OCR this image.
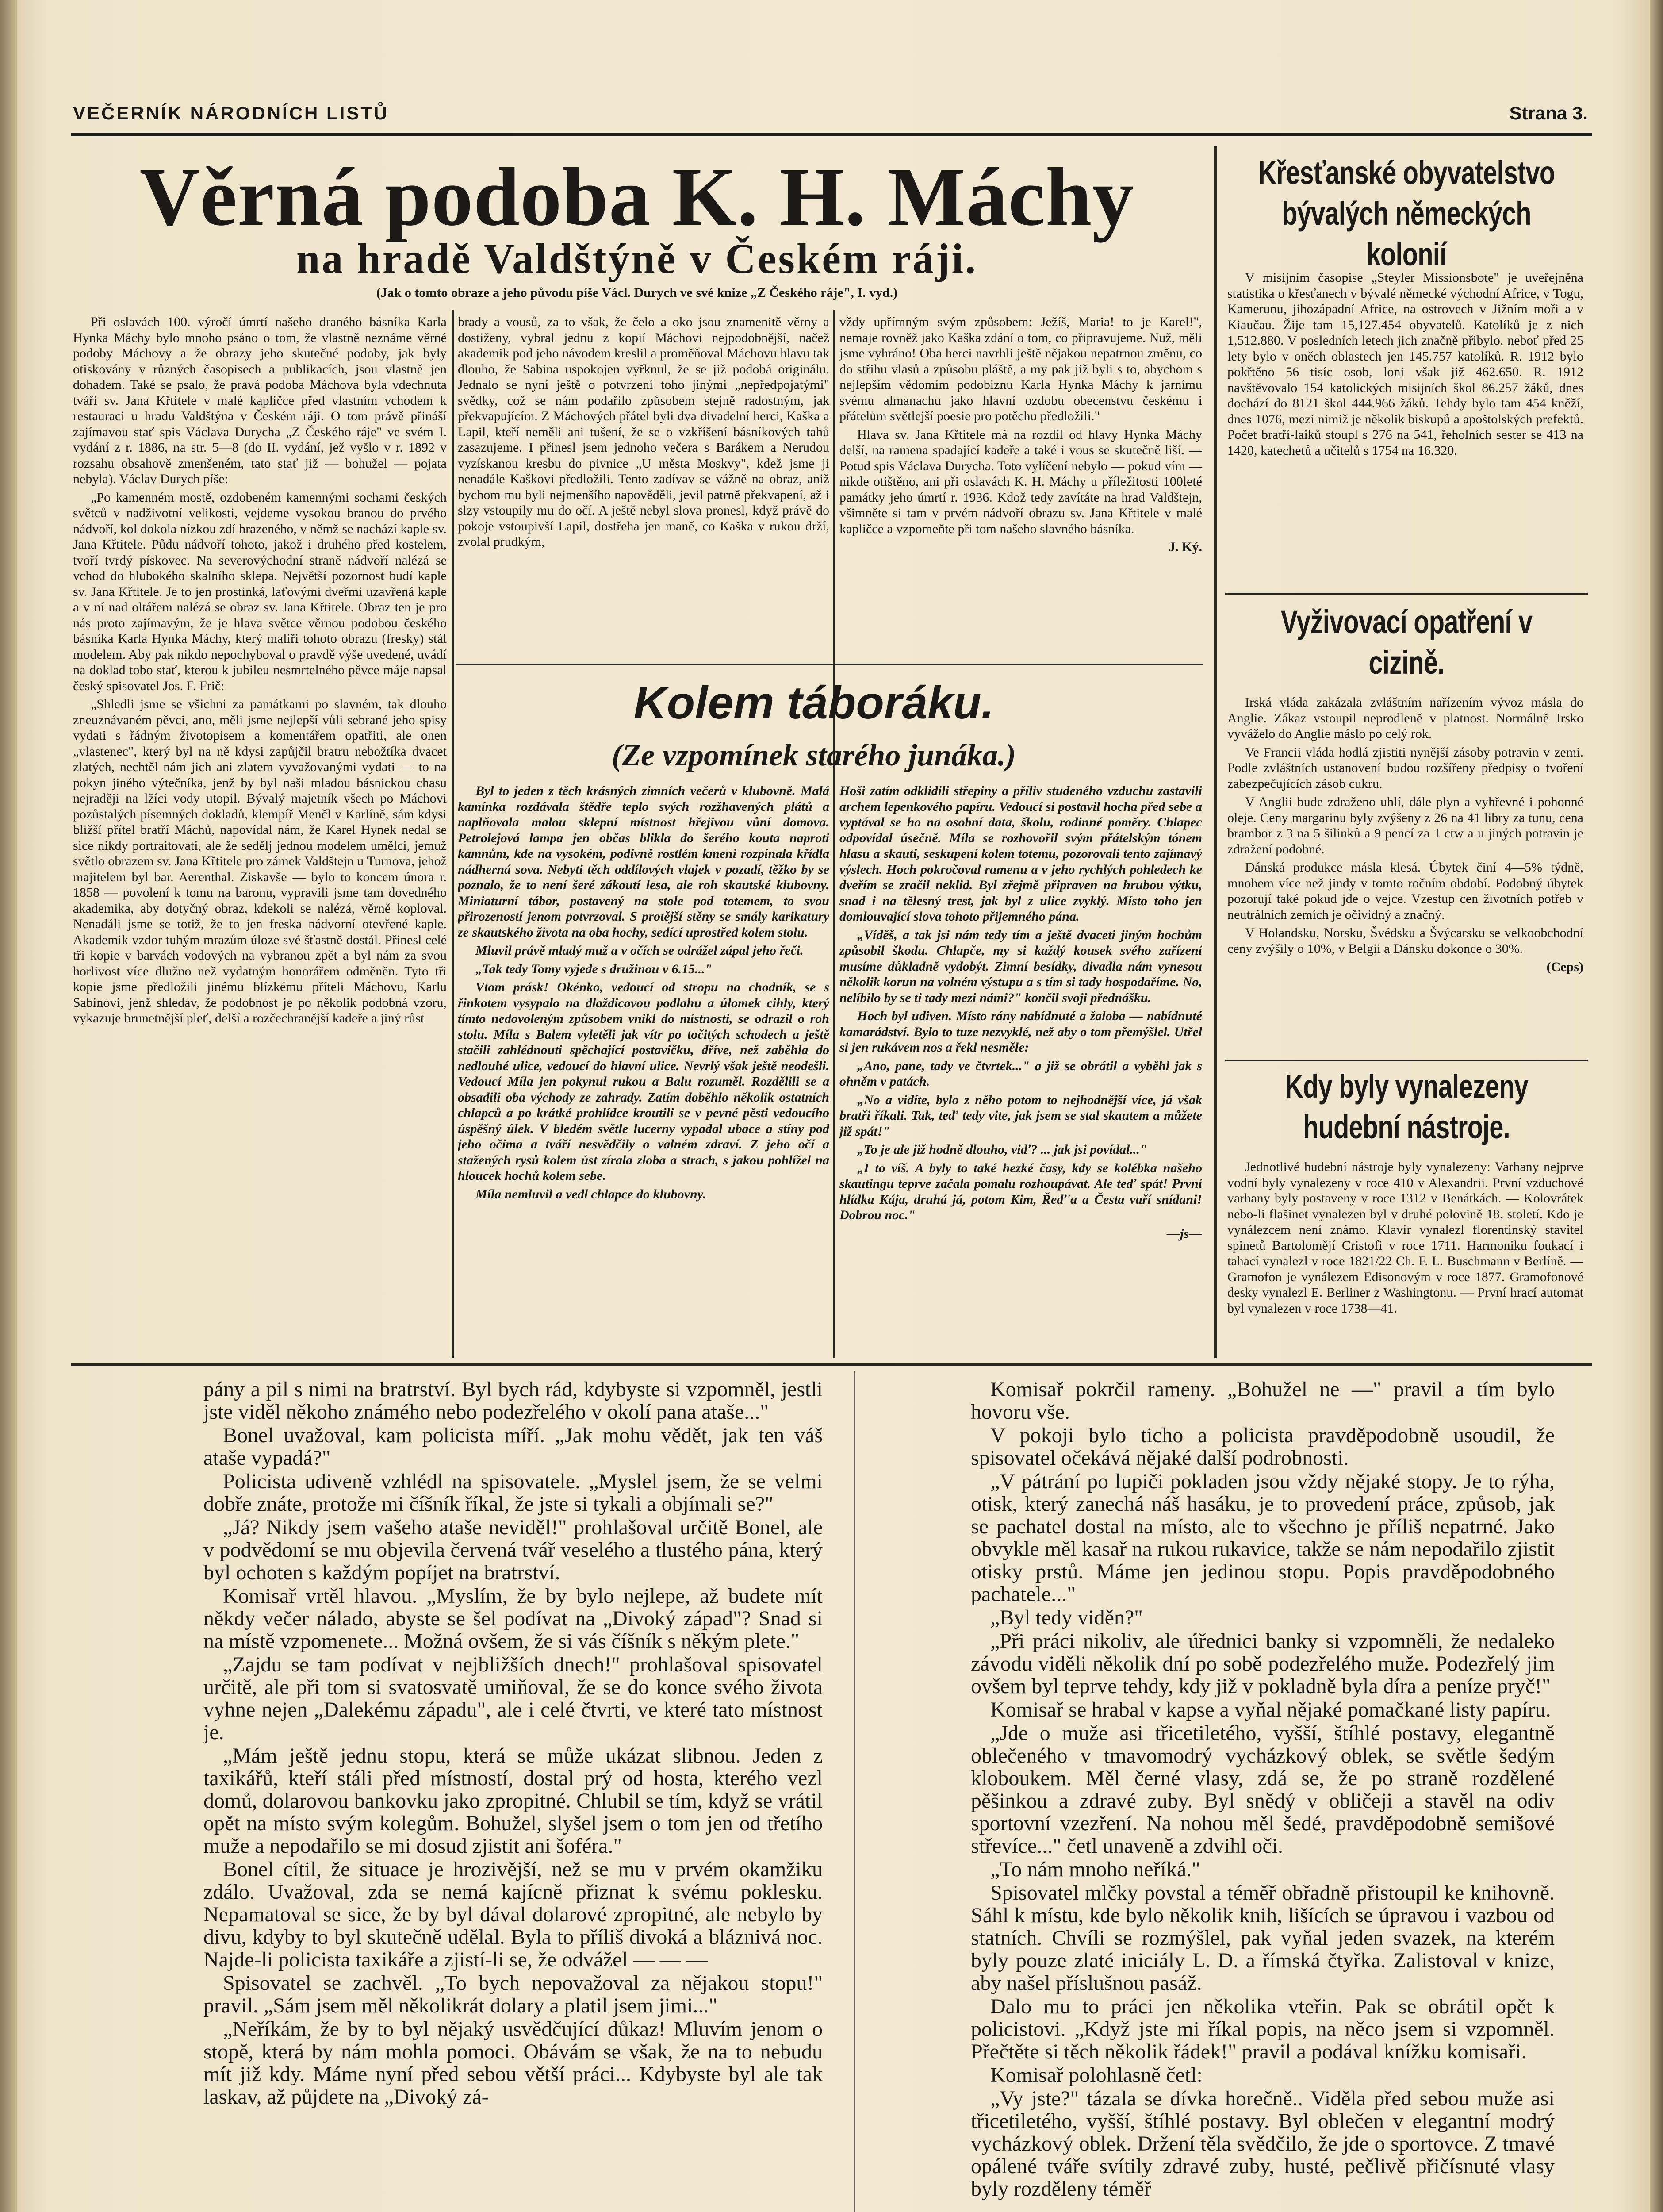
VEČERNÍK NÁRODNÍCH LISTŮ	Strana 3.
Věrná podoba K. H. Máchy
na hradě Valdštýně v Českém ráji.
(Jak o tomto obraze a jeho původu píše Václ. Durych ve své knize „Z Českého ráje", I. vyd.)

Při oslavách 100. výročí úmrtí našeho draného básníka Karla Hynka Máchy bylo mnoho psáno o tom, že vlastně neznáme věrné podoby Máchovy a že obrazy jeho skutečné podoby, jak byly otiskovány v různých časopisech a publikacích, jsou vlastně jen dohadem. Také se psalo, že pravá podoba Máchova byla vdechnuta tváři sv. Jana Křtitele v malé kapličce před vlastním vchodem k restauraci u hradu Valdštýna v Českém ráji. O tom právě přináší zajímavou stať spis Václava Durycha „Z Českého ráje" ve svém I. vydání z r. 1886, na str. 5—8 (do II. vydání, jež vyšlo v r. 1892 v rozsahu obsahově zmenšeném, tato stať již — bohužel — pojata nebyla). Václav Durych píše:

„Po kamenném mostě, ozdobeném kamennými sochami českých světců v nadživotní velikosti, vejdeme vysokou branou do prvého nádvoří, kol dokola nízkou zdí hrazeného, v němž se nachází kaple sv. Jana Křtitele. Půdu nádvoří tohoto, jakož i druhého před kostelem, tvoří tvrdý pískovec. Na severovýchodní straně nádvoří nalézá se vchod do hlubokého skalního sklepa. Největší pozornost budí kaple sv. Jana Křtitele. Je to jen prostinká, laťovými dveřmi uzavřená kaple a v ní nad oltářem nalézá se obraz sv. Jana Křtitele. Obraz ten je pro nás proto zajímavým, že je hlava světce věrnou podobou českého básníka Karla Hynka Máchy, který maliři tohoto obrazu (fresky) stál modelem. Aby pak nikdo nepochyboval o pravdě výše uvedené, uvádí na doklad tobo stať, kterou k jubileu nesmrtelného pěvce máje napsal český spisovatel Jos. F. Frič:

„Shledli jsme se všichni za památkami po slavném, tak dlouho zneuznávaném pěvci, ano, měli jsme nejlepší vůli sebrané jeho spisy vydati s řádným životopisem a komentářem opatřiti, ale onen „vlastenec", který byl na ně kdysi zapůjčil bratru nebožtíka dvacet zlatých, nechtěl nám jich ani zlatem vyvažovanými vydati — to na pokyn jiného výtečníka, jenž by byl naši mladou básnickou chasu nejraději na lžíci vody utopil. Bývalý majetník všech po Máchovi pozůstalých písemných dokladů, klempíř Menčl v Karlíně, sám kdysi bližší přítel bratří Máchů, napovídal nám, že Karel Hynek nedal se sice nikdy portraitovati, ale že sedělj jednou modelem umělci, jemuž světlo obrazem sv. Jana Křtitele pro zámek Valdštejn u Turnova, jehož majitelem byl bar. Aerenthal. Ziskavše — bylo to koncem února r. 1858 — povolení k tomu na baronu, vypravili jsme tam dovedného akademika, aby dotyčný obraz, kdekoli se nalézá, věrně koploval. Nenadáli jsme se totiž, že to jen freska nádvorní otevřené kaple. Akademik vzdor tuhým mrazům úloze své šťastně dostál. Přinesl celé tři kopie v barvách vodových na vybranou zpět a byl nám za svou horlivost více dlužno než vydatným honorářem odměněn. Tyto tři kopie jsme předložili jinému blízkému příteli Máchovu, Karlu Sabinovi, jenž shledav, že podobnost je po několik podobná vzoru, vykazuje brunetnější pleť, delší a rozčechranější kadeře a jiný růst

brady a vousů, za to však, že čelo a oko jsou znamenitě věrny a dostiženy, vybral jednu z kopií Máchovi nejpodobnější, načež akademik pod jeho návodem kreslil a proměňoval Máchovu hlavu tak dlouho, že Sabina uspokojen vyřknul, že se již podobá originálu. Jednalo se nyní ještě o potvrzení toho jinými „nepředpojatými" svědky, což se nám podařilo způsobem stejně radostným, jak překvapujícím. Z Máchových přátel byli dva divadelní herci, Kaška a Lapil, kteří neměli ani tušení, že se o vzkříšení básníkových tahů zasazujeme. I přinesl jsem jednoho večera s Barákem a Nerudou vyzískanou kresbu do pivnice „U města Moskvy", kdež jsme ji nenadále Kaškovi předložili. Tento zadívav se vážně na obraz, aniž bychom mu byli nejmenšího napověděli, jevil patrně překvapení, až i slzy vstoupily mu do očí. A ještě nebyl slova pronesl, když právě do pokoje vstoupivší Lapil, dostřeha jen maně, co Kaška v rukou drží, zvolal prudkým,

vždy upřímným svým způsobem: Ježíš, Maria! to je Karel!", nemaje rovněž jako Kaška zdání o tom, co připravujeme. Nuž, měli jsme vyhráno! Oba herci navrhli ještě nějakou nepatrnou změnu, co do střihu vlasů a způsobu pláště, a my pak již byli s to, abychom s nejlepším vědomím podobiznu Karla Hynka Máchy k jarnímu svému almanachu jako hlavní ozdobu obecenstvu českému i přátelům světlejší poesie pro potěchu předložili."

Hlava sv. Jana Křtitele má na rozdíl od hlavy Hynka Máchy delší, na ramena spadající kadeře a také i vous se skutečně liší. — Potud spis Václava Durycha. Toto vylíčení nebylo — pokud vím — nikde otištěno, ani při oslavách K. H. Máchy u příležitosti 100leté památky jeho úmrtí r. 1936. Kdož tedy zavítáte na hrad Valdštejn, všimněte si tam v prvém nádvoří obrazu sv. Jana Křtitele v malé kapličce a vzpomeňte při tom našeho slavného básníka.

J. Ký.
Kolem táboráku.
(Ze vzpomínek starého junáka.)

Byl to jeden z těch krásných zimních večerů v klubovně. Malá kamínka rozdávala štědře teplo svých rozžhavených plátů a naplňovala malou sklepní místnost hřejivou vůní domova. Petrolejová lampa jen občas blikla do šerého kouta naproti kamnům, kde na vysokém, podivně rostlém kmeni rozpínala křídla nádherná sova. Nebyti těch oddílových vlajek v pozadí, těžko by se poznalo, že to není šeré zákoutí lesa, ale roh skautské klubovny. Miniaturní tábor, postavený na stole pod totemem, to svou přirozeností jenom potvrzoval. S protější stěny se smály karikatury ze skautského života na oba hochy, sedící uprostřed kolem stolu.

Mluvil právě mladý muž a v očích se odrážel zápal jeho řeči.

„Tak tedy Tomy vyjede s družinou v 6.15..."

Vtom prásk! Okénko, vedoucí od stropu na chodník, se s řinkotem vysypalo na dlaždicovou podlahu a úlomek cihly, který tímto nedovoleným způsobem vnikl do místnosti, se odrazil o roh stolu. Míla s Balem vyletěli jak vítr po točitých schodech a ještě stačili zahlédnouti spěchající postavičku, dříve, než zaběhla do nedlouhé ulice, vedoucí do hlavní ulice. Nevrlý však ještě neodešli. Vedoucí Míla jen pokynul rukou a Balu rozuměl. Rozdělili se a obsadili oba východy ze zahrady. Zatím doběhlo několik ostatních chlapců a po krátké prohlídce kroutili se v pevné pěsti vedoucího úspěšný úlek. V bledém světle lucerny vypadal ubace a stíny pod jeho očima a tváří nesvědčily o valném zdraví. Z jeho očí a stažených rysů kolem úst zírala zloba a strach, s jakou pohlížel na hloucek hochů kolem sebe.

Míla nemluvil a vedl chlapce do klubovny.

Hoši zatím odklidili střepiny a příliv studeného vzduchu zastavili archem lepenkového papíru. Vedoucí si postavil hocha před sebe a vyptával se ho na osobní data, školu, rodinné poměry. Chlapec odpovídal úsečně. Míla se rozhovořil svým přátelským tónem hlasu a skauti, seskupení kolem totemu, pozorovali tento zajímavý výslech. Hoch pokročoval ramenu a v jeho rychlých pohledech ke dveřím se zračil neklid. Byl zřejmě připraven na hrubou výtku, snad i na tělesný trest, jak byl z ulice zvyklý. Místo toho jen domlouvající slova tohoto přijemného pána.

„Víděš, a tak jsi nám tedy tím a ještě dvaceti jiným hochům způsobil škodu. Chlapče, my si každý kousek svého zařízení musíme důkladně vydobýt. Zimní besídky, divadla nám vynesou několik korun na volném výstupu a s tím si tady hospodaříme. No, nelíbilo by se ti tady mezi námi?" končil svoji přednášku.

Hoch byl udiven. Místo rány nabídnuté a žaloba — nabídnuté kamarádství. Bylo to tuze nezvyklé, než aby o tom přemýšlel. Utřel si jen rukávem nos a řekl nesměle:

„Ano, pane, tady ve čtvrtek..." a již se obrátil a vyběhl jak s ohněm v patách.

„No a vidíte, bylo z něho potom to nejhodnější více, já však bratři říkali. Tak, teď tedy vite, jak jsem se stal skautem a můžete již spát!"

„To je ale již hodně dlouho, viď? ... jak jsi povídal..."

„I to víš. A byly to také hezké časy, kdy se kolébka našeho skautingu teprve začala pomalu rozhoupávat. Ale teď spát! První hlídka Kája, druhá já, potom Kim, Řeď'a a Česta vaří snídani! Dobrou noc."

—js—
Křesťanské obyvatelstvo bývalých německých kolonií

V misijním časopise „Steyler Missionsbote" je uveřejněna statistika o křesťanech v bývalé německé východní Africe, v Togu, Kamerunu, jihozápadní Africe, na ostrovech v Jižním moři a v Kiaučau. Žije tam 15,127.454 obyvatelů. Katolíků je z nich 1,512.880. V posledních letech jich značně přibylo, neboť před 25 lety bylo v oněch oblastech jen 145.757 katolíků. R. 1912 bylo pokřtěno 56 tisíc osob, loni však již 462.650. R. 1912 navštěvovalo 154 katolických misijních škol 86.257 žáků, dnes dochází do 8121 škol 444.966 žáků. Tehdy bylo tam 454 kněží, dnes 1076, mezi nimiž je několik biskupů a apoštolských prefektů. Počet bratří-laiků stoupl s 276 na 541, řeholních sester se 413 na 1420, katechetů a učitelů s 1754 na 16.320.

Vyživovací opatření v cizině.

Irská vláda zakázala zvláštním nařízením vývoz másla do Anglie. Zákaz vstoupil neprodleně v platnost. Normálně Irsko vyváželo do Anglie máslo po celý rok.

Ve Francii vláda hodlá zjistiti nynější zásoby potravin v zemi. Podle zvláštních ustanovení budou rozšířeny předpisy o tvoření zabezpečujících zásob cukru.

V Anglii bude zdraženo uhlí, dále plyn a vyhřevné i pohonné oleje. Ceny margarinu byly zvýšeny z 26 na 41 libry za tunu, cena brambor z 3 na 5 šilinků a 9 pencí za 1 ctw a u jiných potravin je zdražení podobné.

Dánská produkce másla klesá. Úbytek činí 4—5% týdně, mnohem více než jindy v tomto ročním období. Podobný úbytek pozorují také pokud jde o vejce. Vzestup cen životních potřeb v neutrálních zemích je očividný a značný.

V Holandsku, Norsku, Švédsku a Švýcarsku se velkoobchodní ceny zvýšily o 10%, v Belgii a Dánsku dokonce o 30%.

(Ceps)
Kdy byly vynalezeny hudební nástroje.

Jednotlivé hudební nástroje byly vynalezeny: Varhany nejprve vodní byly vynalezeny v roce 410 v Alexandrii. První vzduchové varhany byly postaveny v roce 1312 v Benátkách. — Kolovrátek nebo-li flašinet vynalezen byl v druhé polovině 18. století. Kdo je vynálezcem není známo. Klavír vynalezl florentinský stavitel spinetů Bartolomějí Cristofi v roce 1711. Harmoniku foukací i tahací vynalezl v roce 1821/22 Ch. F. L. Buschmann v Berlíně. — Gramofon je vynálezem Edisonovým v roce 1877. Gramofonové desky vynalezl E. Berliner z Washingtonu. — První hrací automat byl vynalezen v roce 1738—41.

pány a pil s nimi na bratrství. Byl bych rád, kdybyste si vzpomněl, jestli jste viděl někoho známého nebo podezřelého v okolí pana ataše..."

Bonel uvažoval, kam policista míří. „Jak mohu vědět, jak ten váš ataše vypadá?"

Policista udiveně vzhlédl na spisovatele. „Myslel jsem, že se velmi dobře znáte, protože mi číšník říkal, že jste si tykali a objímali se?"

„Já? Nikdy jsem vašeho ataše neviděl!" prohlašoval určitě Bonel, ale v podvědomí se mu objevila červená tvář veselého a tlustého pána, který byl ochoten s každým popíjet na bratrství.

Komisař vrtěl hlavou. „Myslím, že by bylo nejlepe, až budete mít někdy večer nálado, abyste se šel podívat na „Divoký západ"? Snad si na místě vzpomenete... Možná ovšem, že si vás číšník s někým plete."

„Zajdu se tam podívat v nejbližších dnech!" prohlašoval spisovatel určitě, ale při tom si svatosvatě umiňoval, že se do konce svého života vyhne nejen „Dalekému západu", ale i celé čtvrti, ve které tato místnost je.

„Mám ještě jednu stopu, která se může ukázat slibnou. Jeden z taxikářů, kteří stáli před místností, dostal prý od hosta, kterého vezl domů, dolarovou bankovku jako zpropitné. Chlubil se tím, když se vrátil opět na místo svým kolegům. Bohužel, slyšel jsem o tom jen od třetího muže a nepodařilo se mi dosud zjistit ani šoféra."

Bonel cítil, že situace je hrozivější, než se mu v prvém okamžiku zdálo. Uvažoval, zda se nemá kajícně přiznat k svému poklesku. Nepamatoval se sice, že by byl dával dolarové zpropitné, ale nebylo by divu, kdyby to byl skutečně udělal. Byla to příliš divoká a bláznivá noc. Najde-li policista taxikáře a zjistí-li se, že odvážel — — —

Spisovatel se zachvěl. „To bych nepovažoval za nějakou stopu!" pravil. „Sám jsem měl několikrát dolary a platil jsem jimi..."

„Neříkám, že by to byl nějaký usvědčující důkaz! Mluvím jenom o stopě, která by nám mohla pomoci. Obávám se však, že na to nebudu mít již kdy. Máme nyní před sebou větší práci... Kdybyste byl ale tak laskav, až půjdete na „Divoký zá-

Komisař pokrčil rameny. „Bohužel ne —" pravil a tím bylo hovoru vše.

V pokoji bylo ticho a policista pravděpodobně usoudil, že spisovatel očekává nějaké další podrobnosti.

„V pátrání po lupiči pokladen jsou vždy nějaké stopy. Je to rýha, otisk, který zanechá náš hasáku, je to provedení práce, způsob, jak se pachatel dostal na místo, ale to všechno je příliš nepatrné. Jako obvykle měl kasař na rukou rukavice, takže se nám nepodařilo zjistit otisky prstů. Máme jen jedinou stopu. Popis pravděpodobného pachatele..."

„Byl tedy viděn?"

„Při práci nikoliv, ale úřednici banky si vzpomněli, že nedaleko závodu viděli několik dní po sobě podezřelého muže. Podezřelý jim ovšem byl teprve tehdy, kdy již v pokladně byla díra a peníze pryč!"

Komisař se hrabal v kapse a vyňal nějaké pomačkané listy papíru.

„Jde o muže asi třicetiletého, vyšší, štíhlé postavy, elegantně oblečeného v tmavomodrý vycházkový oblek, se světle šedým kloboukem. Měl černé vlasy, zdá se, že po straně rozdělené pěšinkou a zdravé zuby. Byl snědý v obličeji a stavěl na odiv sportovní vzezření. Na nohou měl šedé, pravděpodobně semišové střevíce..." četl unaveně a zdvihl oči.

„To nám mnoho neříká."

Spisovatel mlčky povstal a téměř obřadně přistoupil ke knihovně. Sáhl k místu, kde bylo několik knih, lišících se úpravou i vazbou od statních. Chvíli se rozmýšlel, pak vyňal jeden svazek, na kterém byly pouze zlaté iniciály L. D. a římská čtyřka. Zalistoval v knize, aby našel příslušnou pasáž.

Dalo mu to práci jen několika vteřin. Pak se obrátil opět k policistovi. „Když jste mi říkal popis, na něco jsem si vzpomněl. Přečtěte si těch několik řádek!" pravil a podával knížku komisaři.

Komisař polohlasně četl:

„Vy jste?" tázala se dívka horečně.. Viděla před sebou muže asi třicetiletého, vyšší, štíhlé postavy. Byl oblečen v elegantní modrý vycházkový oblek. Držení těla svědčilo, že jde o sportovce. Z tmavé opálené tváře svítily zdravé zuby, husté, pečlivě přičísnuté vlasy byly rozděleny téměř
